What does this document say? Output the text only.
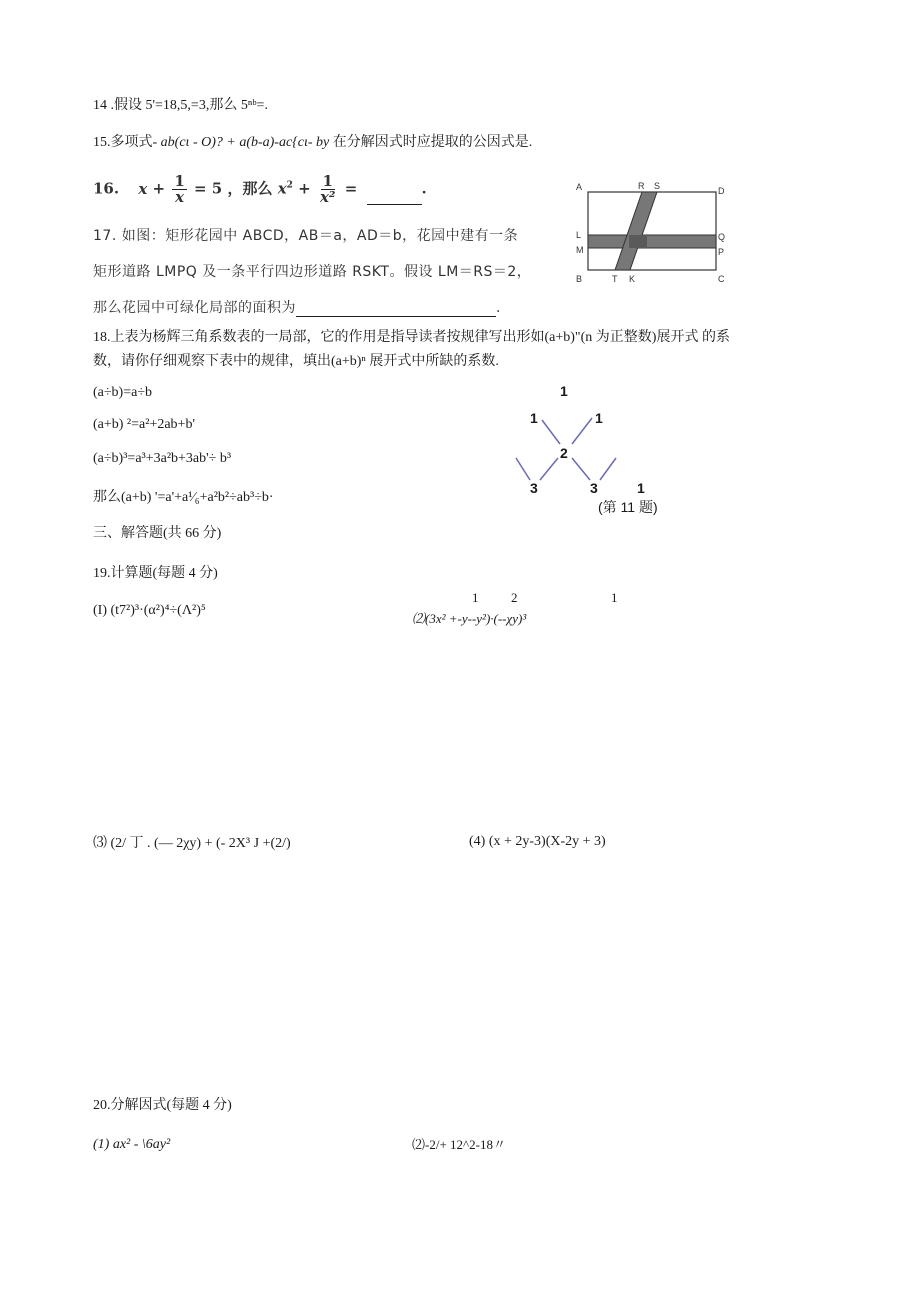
14 .假设 5'=18,5,=3,那么 5ⁿᵇ=.
15.多项式- ab(cι - O)? + a(b-a)-ac{cι- by 在分解因式时应提取的公因式是.
16. $x + \frac{1}{x} = 5$ ，那么 $x^2 + \frac{1}{\text{x²}}$ =	.
17. 如图：矩形花园中 ABCD，AB＝a，AD＝b，花园中建有一条
矩形道路 LMPQ 及一条平行四边形道路 RSKT。假设 LM＝RS＝2，
那么花园中可绿化局部的面积为	.
A	R S	D
L	Q
M	P
B	T K	C
18.上表为杨辉三角系数表的一局部，它的作用是指导读者按规律写出形如(a+b)"(n 为正整数)展开式 的系
数，请你仔细观察下表中的规律，填出(a+b)ⁿ 展开式中所缺的系数.
(a÷b)=a÷b
(a+b) ²=a²+2ab+b'
(a÷b)³=a³+3a²b+3ab'÷ b³
那么(a+b) '=a'+a¹⁄₆+a²b²÷ab³÷b·
1
1
2
1
3	3	1
(第 11 题)
三、解答题(共 66 分)
19.计算题(每题 4 分)
(I) (t7²)³·(α²)⁴÷(Λ²)⁵
1	2	1
⑵(3x² +-y--y²)·(--χy)³
⑶ (2/ 丁 . (— 2χy) + (- 2X³ J +(2/)	(4) (x + 2y-3)(X-2y + 3)
20.分解因式(每题 4 分)
(1) ax² - \6ay²	⑵-2/+ 12^2-18〃
